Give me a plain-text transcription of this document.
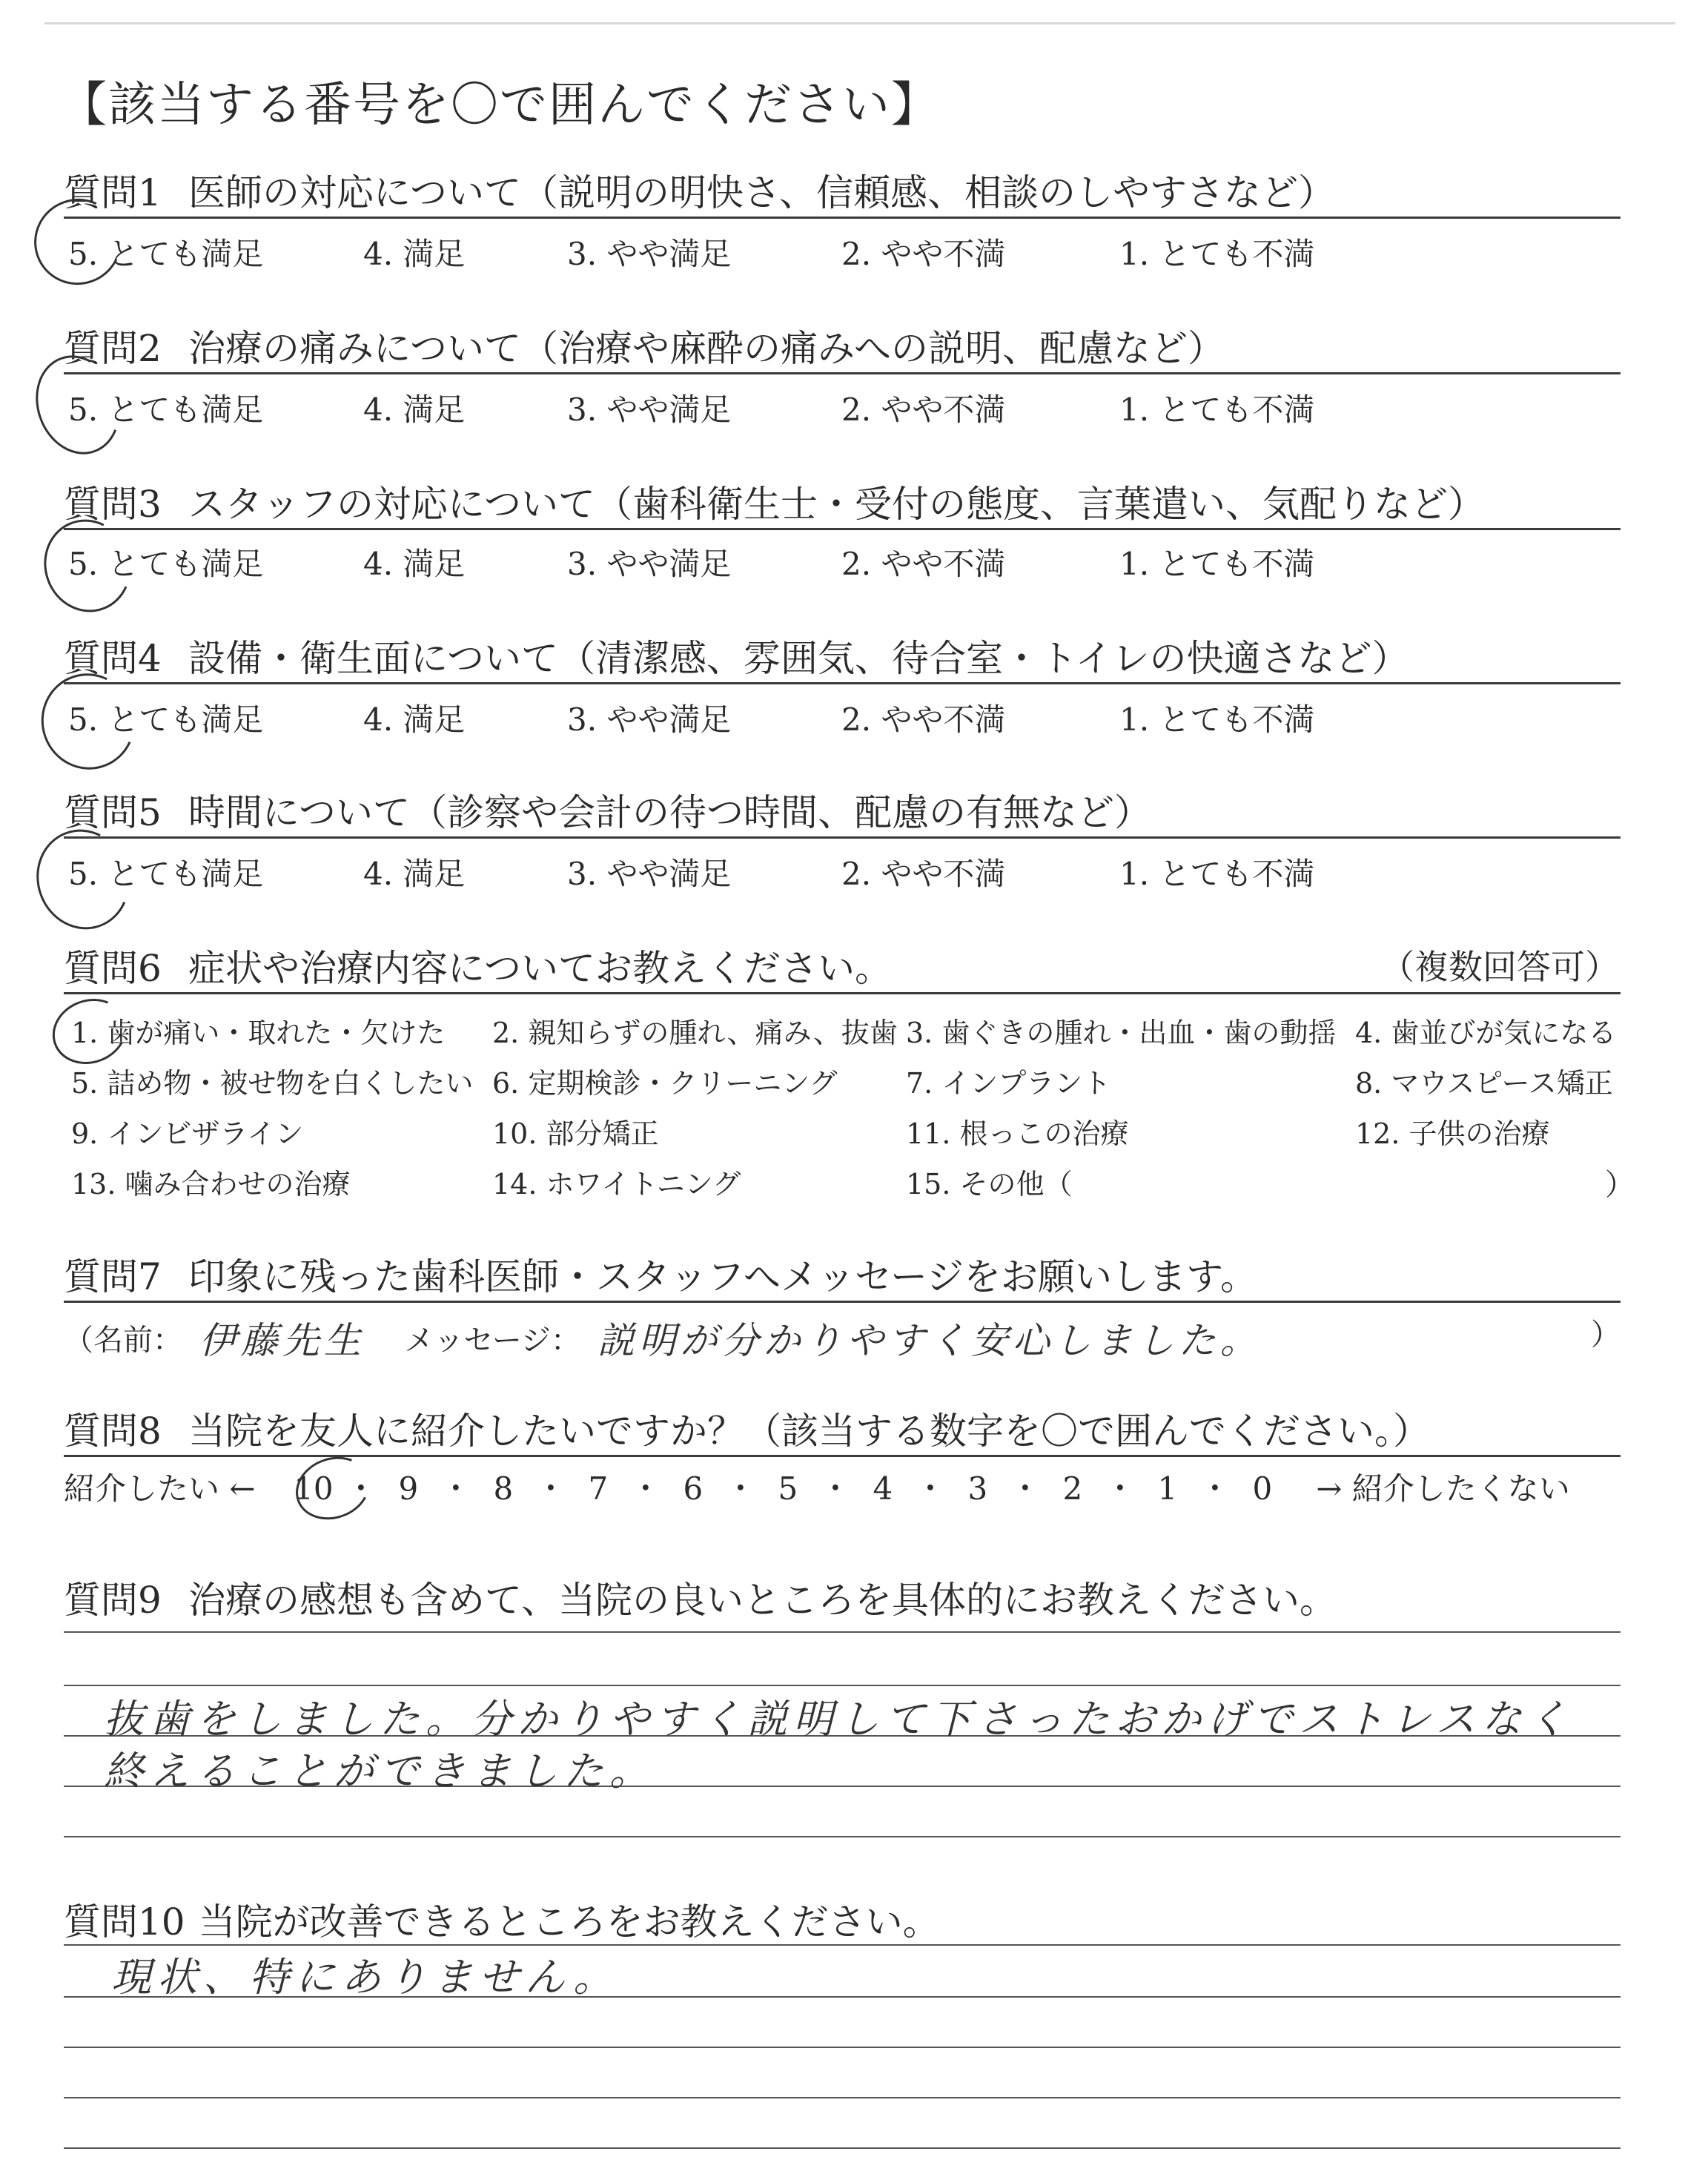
【該当する番号を〇で囲んでください】
質問1 医師の対応について（説明の明快さ、信頼感、相談のしやすさなど）
5. とても満足	4. 満足	3. やや満足	2. やや不満	1. とても不満
質問2 治療の痛みについて（治療や麻酔の痛みへの説明、配慮など）
5. とても満足	4. 満足	3. やや満足	2. やや不満	1. とても不満
質問3 スタッフの対応について（歯科衛生士・受付の態度、言葉遣い、気配りなど）
5. とても満足	4. 満足	3. やや満足	2. やや不満	1. とても不満
質問4 設備・衛生面について（清潔感、雰囲気、待合室・トイレの快適さなど）
5. とても満足	4. 満足	3. やや満足	2. やや不満	1. とても不満
質問5 時間について（診察や会計の待つ時間、配慮の有無など）
5. とても満足	4. 満足	3. やや満足	2. やや不満	1. とても不満
質問6 症状や治療内容についてお教えください。	（複数回答可）
1. 歯が痛い・取れた・欠けた 2. 親知らずの腫れ、痛み、抜歯 3. 歯ぐきの腫れ・出血・歯の動揺 4. 歯並びが気になる
5. 詰め物・被せ物を白くしたい 6. 定期検診・クリーニング 7. インプラント	8. マウスピース矯正
9. インビザライン	10. 部分矯正	11. 根っこの治療	12. 子供の治療
13. 噛み合わせの治療	14. ホワイトニング	15. その他（	）
質問7 印象に残った歯科医師・スタッフへメッセージをお願いします。
（名前： 伊藤先生 メッセージ： 説明が分かりやすく安心しました。	）
質問8 当院を友人に紹介したいですか？（該当する数字を〇で囲んでください。）
紹介したい ← 10 ・ 9 ・ 8 ・ 7 ・ 6 ・ 5 ・ 4 ・ 3 ・ 2 ・ 1 ・ 0 → 紹介したくない
質問9 治療の感想も含めて、当院の良いところを具体的にお教えください。
抜歯をしました。分かりやすく説明して下さったおかげでストレスなく
終えることができました。
質問10 当院が改善できるところをお教えください。
現状、特にありません。
